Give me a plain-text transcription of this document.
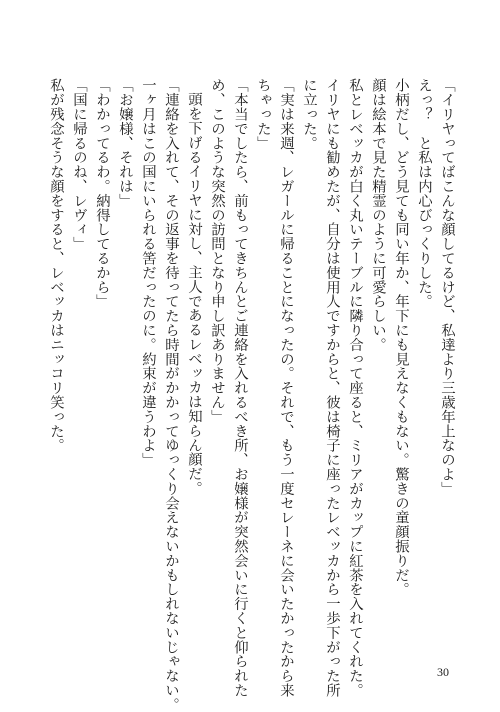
「イリヤってばこんな顔してるけど、私達より三歳年上なのよ」
えっ？　と私は内心びっくりした。
小柄だし、どう見ても同い年か、年下にも見えなくもない。驚きの童顔振りだ。
顔は絵本で見た精霊のように可愛らしい。
私とレベッカが白く丸いテーブルに隣り合って座ると、ミリアがカップに紅茶を入れてくれた。
イリヤにも勧めたが、自分は使用人ですからと、彼は椅子に座ったレベッカから一歩下がった所
に立った。
「実は来週、レガールに帰ることになったの。それで、もう一度セレーネに会いたかったから来
ちゃった」
「本当でしたら、前もってきちんとご連絡を入れるべき所、お嬢様が突然会いに行くと仰られた
め、このような突然の訪問となり申し訳ありません」
頭を下げるイリヤに対し、主人であるレベッカは知らん顔だ。
「連絡を入れて、その返事を待ってたら時間がかかってゆっくり会えないかもしれないじゃない。
一ヶ月はこの国にいられる筈だったのに。約束が違うわよ」
「お嬢様、それは」
「わかってるわ。納得してるから」
「国に帰るのね、レヴィ」
私が残念そうな顔をすると、レベッカはニッコリ笑った。
30
